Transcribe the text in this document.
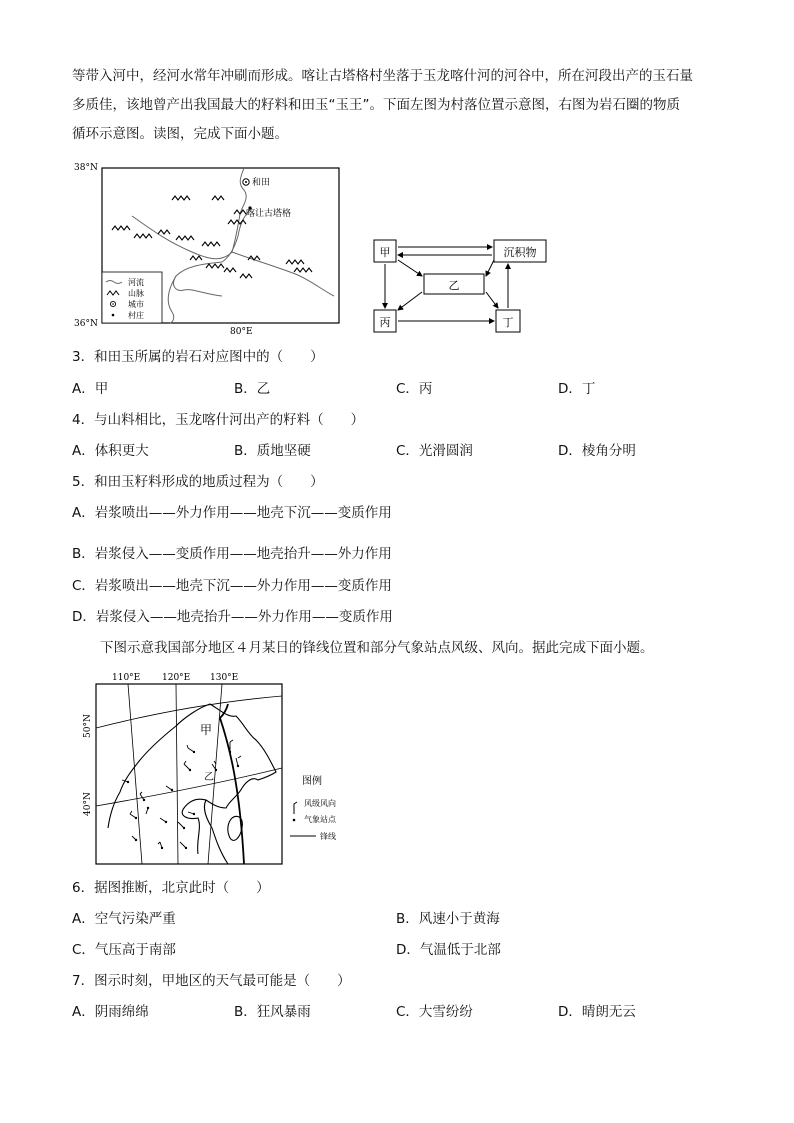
等带入河中，经河水常年冲刷而形成。喀让古塔格村坐落于玉龙喀什河的河谷中，所在河段出产的玉石量
多质佳，该地曾产出我国最大的籽料和田玉“玉王”。下面左图为村落位置示意图，右图为岩石圈的物质
循环示意图。读图，完成下面小题。
38°N
36°N
80°E
和田
喀让古塔格
河流
山脉
城市
村庄
甲	沉积物
乙
丙	丁
3．和田玉所属的岩石对应图中的（　　）
A．甲	B．乙	C．丙	D．丁
4．与山料相比，玉龙喀什河出产的籽料（　　）
A．体积更大	B．质地坚硬	C．光滑圆润	D．棱角分明
5．和田玉籽料形成的地质过程为（　　）
A．岩浆喷出——外力作用——地壳下沉——变质作用
B．岩浆侵入——变质作用——地壳抬升——外力作用
C．岩浆喷出——地壳下沉——外力作用——变质作用
D．岩浆侵入——地壳抬升——外力作用——变质作用
下图示意我国部分地区４月某日的锋线位置和部分气象站点风级、风向。据此完成下面小题。
110°E 120°E 130°E
50°N
40°N
甲
乙	图例
风级风向
气象站点
锋线
6．据图推断，北京此时（　　）
A．空气污染严重	B．风速小于黄海
C．气压高于南部	D．气温低于北部
7．图示时刻，甲地区的天气最可能是（　　）
A．阴雨绵绵	B．狂风暴雨	C．大雪纷纷	D．晴朗无云
